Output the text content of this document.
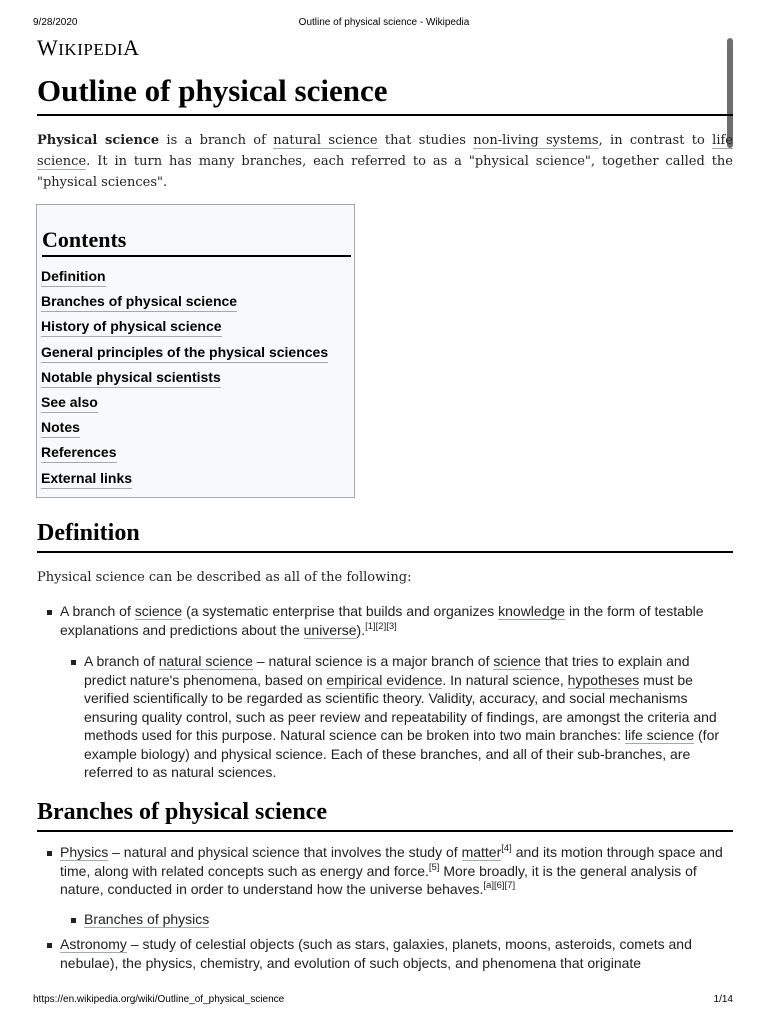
9/28/2020	Outline of physical science - Wikipedia
WIKIPEDIA
Outline of physical science

Physical science is a branch of natural science that studies non-living systems, in contrast to life science. It in turn has many branches, each referred to as a "physical science", together called the "physical sciences".

Contents
Definition
Branches of physical science
History of physical science
General principles of the physical sciences
Notable physical scientists
See also
Notes
References
External links
Definition

Physical science can be described as all of the following:

A branch of science (a systematic enterprise that builds and organizes knowledge in the form of testable explanations and predictions about the universe).[1][2][3]

A branch of natural science – natural science is a major branch of science that tries to explain and predict nature's phenomena, based on empirical evidence. In natural science, hypotheses must be verified scientifically to be regarded as scientific theory. Validity, accuracy, and social mechanisms ensuring quality control, such as peer review and repeatability of findings, are amongst the criteria and methods used for this purpose. Natural science can be broken into two main branches: life science (for example biology) and physical science. Each of these branches, and all of their sub-branches, are referred to as natural sciences.

Branches of physical science

Physics – natural and physical science that involves the study of matter[4] and its motion through space and time, along with related concepts such as energy and force.[5] More broadly, it is the general analysis of nature, conducted in order to understand how the universe behaves.[a][6][7]

Branches of physics

Astronomy – study of celestial objects (such as stars, galaxies, planets, moons, asteroids, comets and nebulae), the physics, chemistry, and evolution of such objects, and phenomena that originate

https://en.wikipedia.org/wiki/Outline_of_physical_science	1/14
